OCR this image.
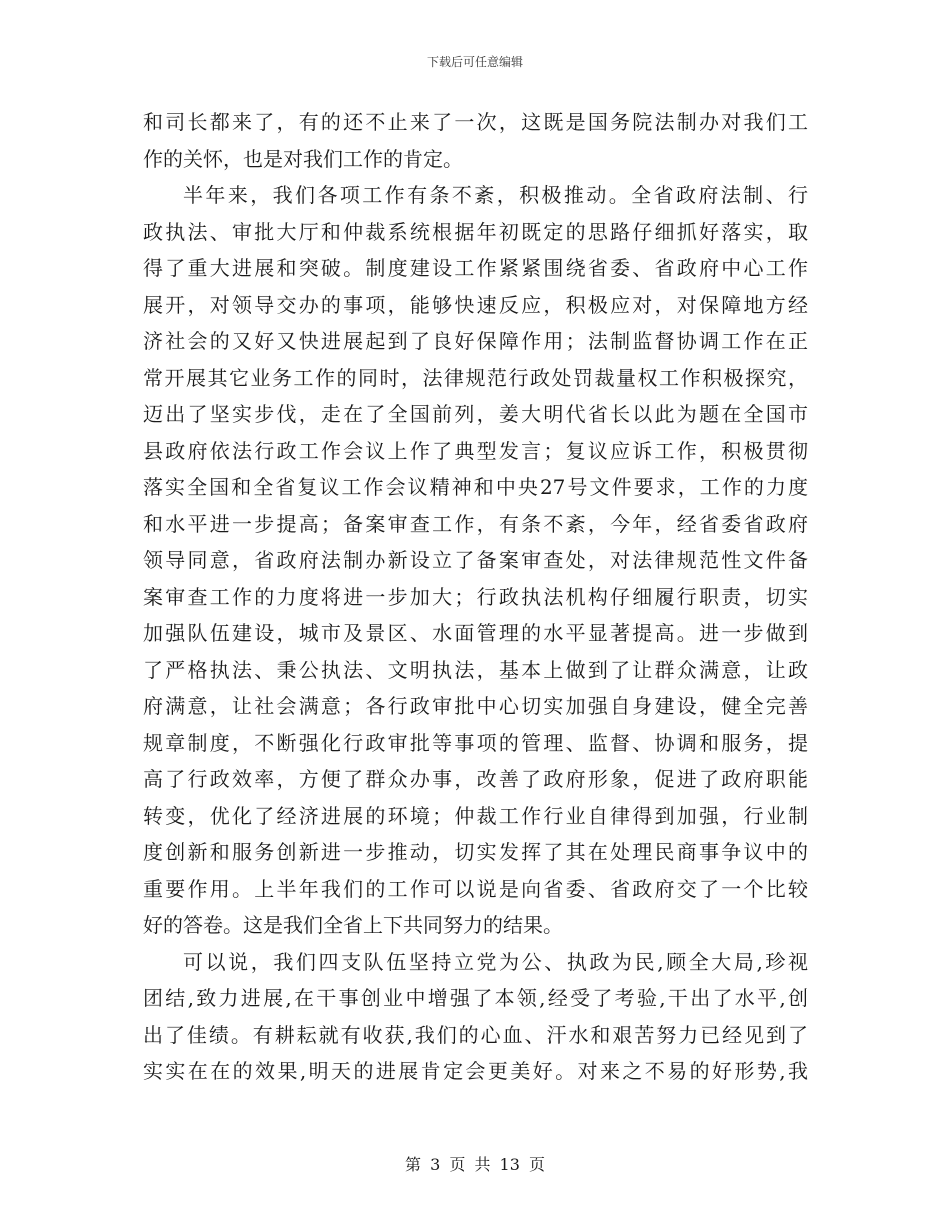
下载后可任意编辑
和司长都来了，有的还不止来了一次，这既是国务院法制办对我们工
作的关怀，也是对我们工作的肯定。
半年来，我们各项工作有条不紊，积极推动。全省政府法制、行
政执法、审批大厅和仲裁系统根据年初既定的思路仔细抓好落实，取
得了重大进展和突破。制度建设工作紧紧围绕省委、省政府中心工作
展开，对领导交办的事项，能够快速反应，积极应对，对保障地方经
济社会的又好又快进展起到了良好保障作用；法制监督协调工作在正
常开展其它业务工作的同时，法律规范行政处罚裁量权工作积极探究，
迈出了坚实步伐，走在了全国前列，姜大明代省长以此为题在全国市
县政府依法行政工作会议上作了典型发言；复议应诉工作，积极贯彻
落实全国和全省复议工作会议精神和中央27号文件要求，工作的力度
和水平进一步提高；备案审查工作，有条不紊，今年，经省委省政府
领导同意，省政府法制办新设立了备案审查处，对法律规范性文件备
案审查工作的力度将进一步加大；行政执法机构仔细履行职责，切实
加强队伍建设，城市及景区、水面管理的水平显著提高。进一步做到
了严格执法、秉公执法、文明执法，基本上做到了让群众满意，让政
府满意，让社会满意；各行政审批中心切实加强自身建设，健全完善
规章制度，不断强化行政审批等事项的管理、监督、协调和服务，提
高了行政效率，方便了群众办事，改善了政府形象，促进了政府职能
转变，优化了经济进展的环境；仲裁工作行业自律得到加强，行业制
度创新和服务创新进一步推动，切实发挥了其在处理民商事争议中的
重要作用。上半年我们的工作可以说是向省委、省政府交了一个比较
好的答卷。这是我们全省上下共同努力的结果。
可以说，我们四支队伍坚持立党为公、执政为民,顾全大局,珍视
团结,致力进展,在干事创业中增强了本领,经受了考验,干出了水平,创
出了佳绩。有耕耘就有收获,我们的心血、汗水和艰苦努力已经见到了
实实在在的效果,明天的进展肯定会更美好。对来之不易的好形势,我
第 3 页 共 13 页
